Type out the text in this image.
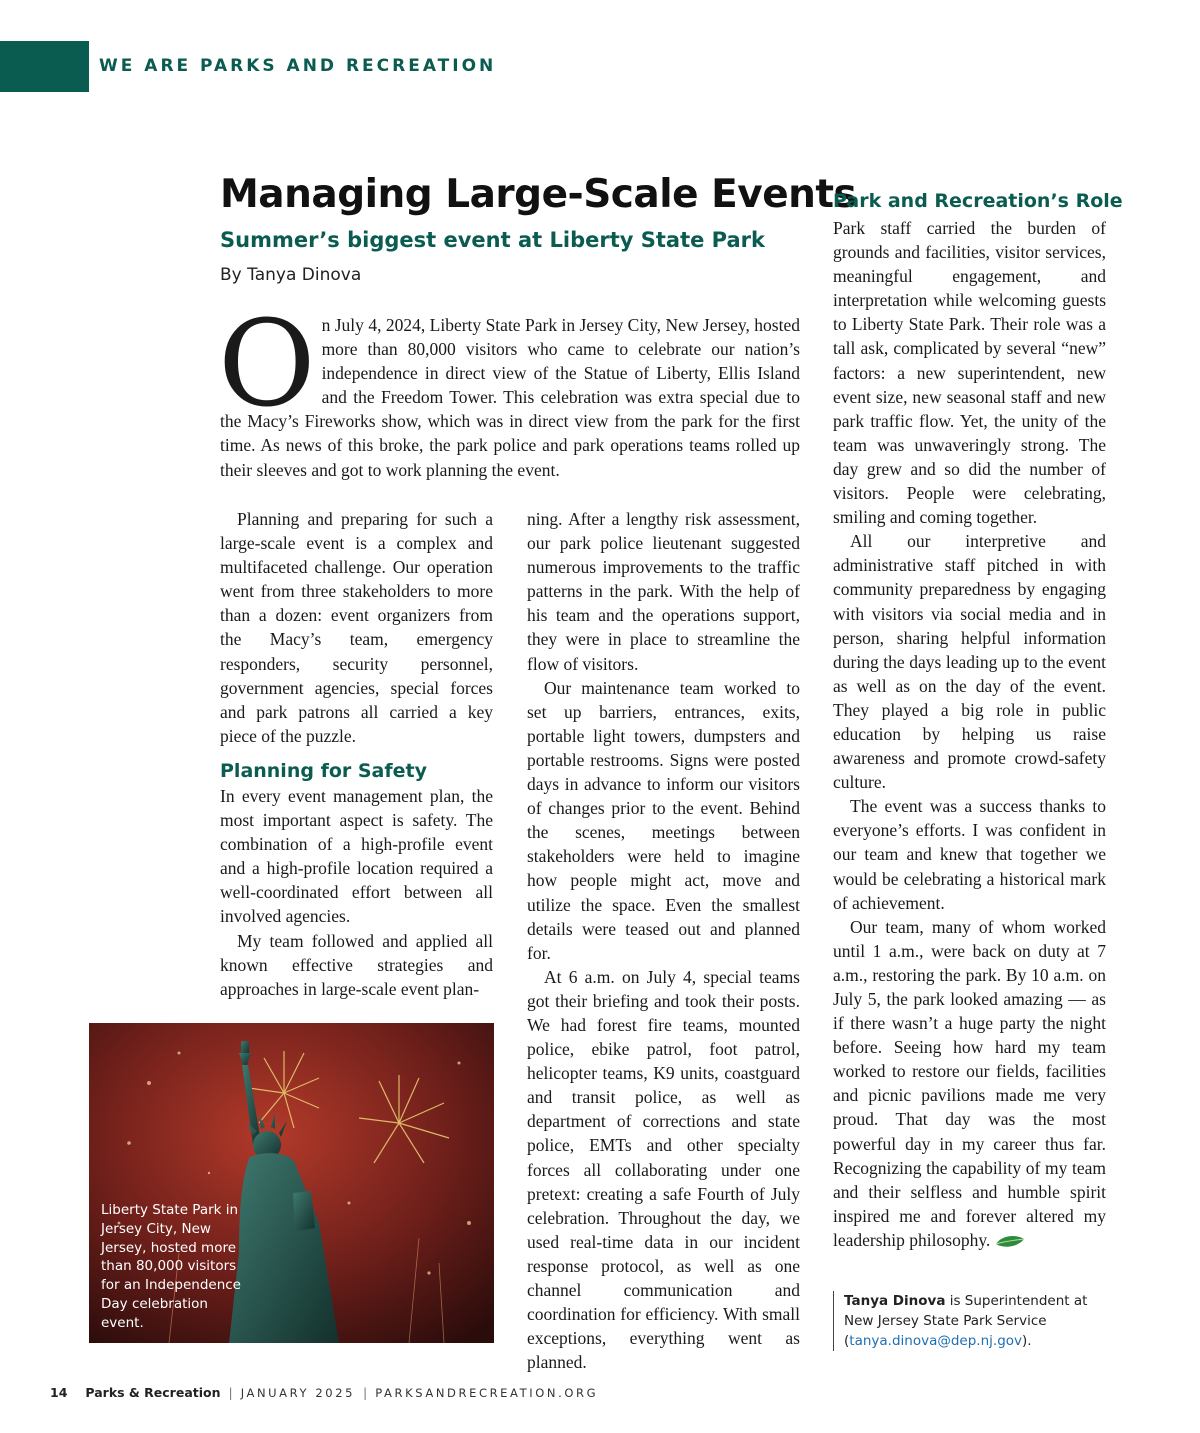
WE ARE PARKS AND RECREATION
Managing Large-Scale Events
Summer’s biggest event at Liberty State Park
By Tanya Dinova
On July 4, 2024, Liberty State Park in Jersey City, New Jersey, hosted more than 80,000 visitors who came to celebrate our nation’s independence in direct view of the Statue of Liberty, Ellis Island and the Freedom Tower. This celebration was extra special due to the Macy’s Fireworks show, which was in direct view from the park for the first time. As news of this broke, the park police and park operations teams rolled up their sleeves and got to work planning the event.

Planning and preparing for such a large-scale event is a complex and multifaceted challenge. Our operation went from three stakeholders to more than a dozen: event organizers from the Macy’s team, emergency responders, security personnel, government agencies, special forces and park patrons all carried a key piece of the puzzle.

Planning for Safety

In every event management plan, the most important aspect is safety. The combination of a high-profile event and a high-profile location required a well-coordinated effort between all involved agencies.

My team followed and applied all known effective strategies and approaches in large-scale event plan-

ning. After a lengthy risk assessment, our park police lieutenant suggested numerous improvements to the traffic patterns in the park. With the help of his team and the operations support, they were in place to streamline the flow of visitors.

Our maintenance team worked to set up barriers, entrances, exits, portable light towers, dumpsters and portable restrooms. Signs were posted days in advance to inform our visitors of changes prior to the event. Behind the scenes, meetings between stakeholders were held to imagine how people might act, move and utilize the space. Even the smallest details were teased out and planned for.

At 6 a.m. on July 4, special teams got their briefing and took their posts. We had forest fire teams, mounted police, ebike patrol, foot patrol, helicopter teams, K9 units, coastguard and transit police, as well as department of corrections and state police, EMTs and other specialty forces all collaborating under one pretext: creating a safe Fourth of July celebration. Throughout the day, we used real-time data in our incident response protocol, as well as one channel communication and coordination for efficiency. With small exceptions, everything went as planned.

Park and Recreation’s Role

Park staff carried the burden of grounds and facilities, visitor services, meaningful engagement, and interpretation while welcoming guests to Liberty State Park. Their role was a tall ask, complicated by several “new” factors: a new superintendent, new event size, new seasonal staff and new park traffic flow. Yet, the unity of the team was unwaveringly strong. The day grew and so did the number of visitors. People were celebrating, smiling and coming together.

All our interpretive and administrative staff pitched in with community preparedness by engaging with visitors via social media and in person, sharing helpful information during the days leading up to the event as well as on the day of the event. They played a big role in public education by helping us raise awareness and promote crowd-safety culture.

The event was a success thanks to everyone’s efforts. I was confident in our team and knew that together we would be celebrating a historical mark of achievement.

Our team, many of whom worked until 1 a.m., were back on duty at 7 a.m., restoring the park. By 10 a.m. on July 5, the park looked amazing — as if there wasn’t a huge party the night before. Seeing how hard my team worked to restore our fields, facilities and picnic pavilions made me very proud. That day was the most powerful day in my career thus far. Recognizing the capability of my team and their selfless and humble spirit inspired me and forever altered my leadership philosophy.

Liberty State Park in Jersey City, New Jersey, hosted more than 80,000 visitors for an Independence Day celebration event.
Tanya Dinova is Superintendent at New Jersey State Park Service (tanya.dinova@dep.nj.gov).
14 Parks & Recreation | JANUARY 2025 | PARKSANDRECREATION.ORG
